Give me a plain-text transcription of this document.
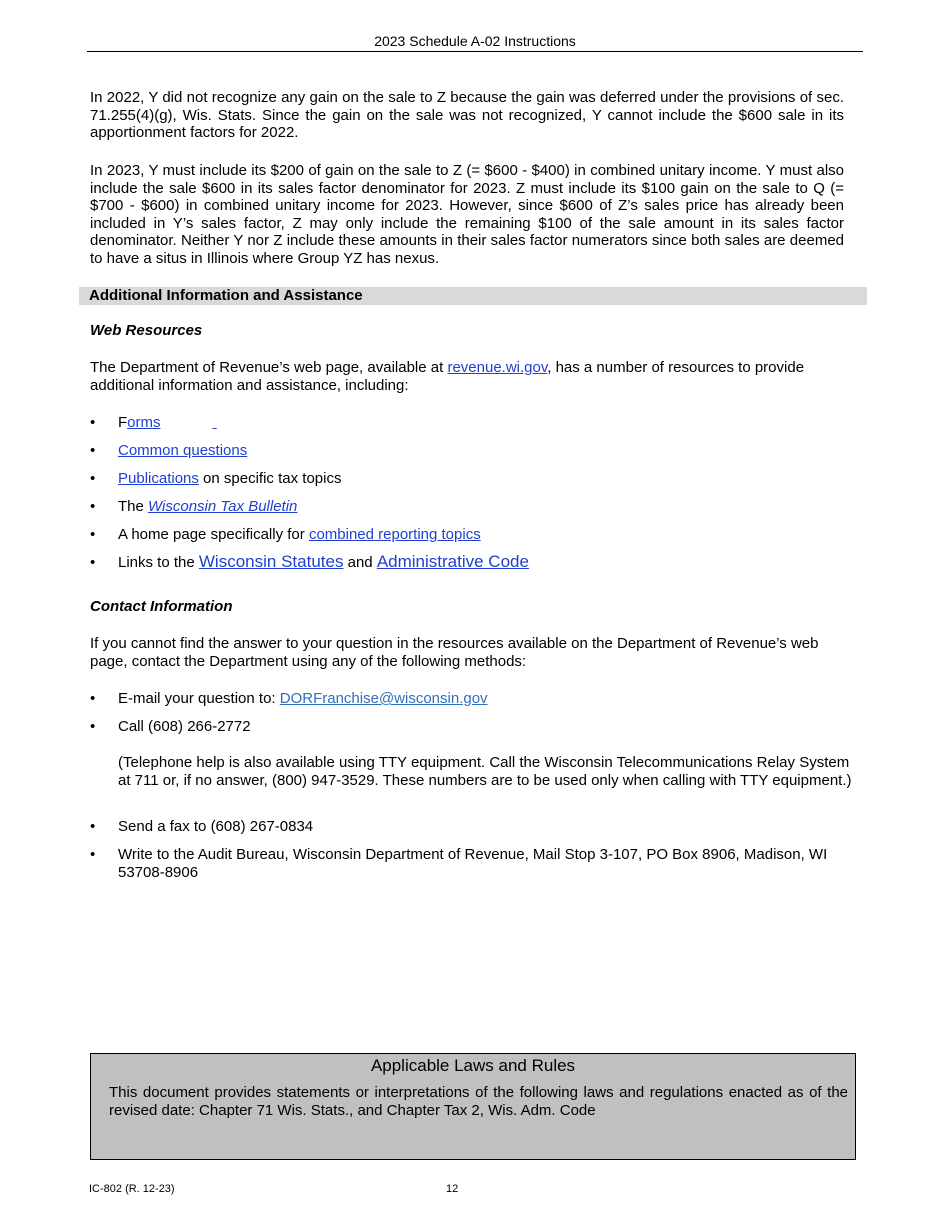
2023 Schedule A-02 Instructions

In 2022, Y did not recognize any gain on the sale to Z because the gain was deferred under the provisions of sec. 71.255(4)(g), Wis. Stats. Since the gain on the sale was not recognized, Y cannot include the $600 sale in its apportionment factors for 2022.

In 2023, Y must include its $200 of gain on the sale to Z (= $600 - $400) in combined unitary income. Y must also include the sale $600 in its sales factor denominator for 2023. Z must include its $100 gain on the sale to Q (= $700 - $600) in combined unitary income for 2023. However, since $600 of Z’s sales price has already been included in Y’s sales factor, Z may only include the remaining $100 of the sale amount in its sales factor denominator. Neither Y nor Z include these amounts in their sales factor numerators since both sales are deemed to have a situs in Illinois where Group YZ has nexus.

Additional Information and Assistance
Web Resources

The Department of Revenue’s web page, available at revenue.wi.gov, has a number of resources to provide additional information and assistance, including:

• Forms
• Common questions
• Publications on specific tax topics
• The Wisconsin Tax Bulletin
• A home page specifically for combined reporting topics
• Links to the Wisconsin Statutes and Administrative Code
Contact Information

If you cannot find the answer to your question in the resources available on the Department of Revenue’s web page, contact the Department using any of the following methods:

• E-mail your question to: DORFranchise@wisconsin.gov
• Call (608) 266-2772
(Telephone help is also available using TTY equipment. Call the Wisconsin Telecommunications Relay System at 711 or, if no answer, (800) 947-3529. These numbers are to be used only when calling with TTY equipment.)
• Send a fax to (608) 267-0834
• Write to the Audit Bureau, Wisconsin Department of Revenue, Mail Stop 3-107, PO Box 8906, Madison, WI 53708-8906
Applicable Laws and Rules
This document provides statements or interpretations of the following laws and regulations enacted as of the revised date: Chapter 71 Wis. Stats., and Chapter Tax 2, Wis. Adm. Code
IC-802 (R. 12-23)	12
